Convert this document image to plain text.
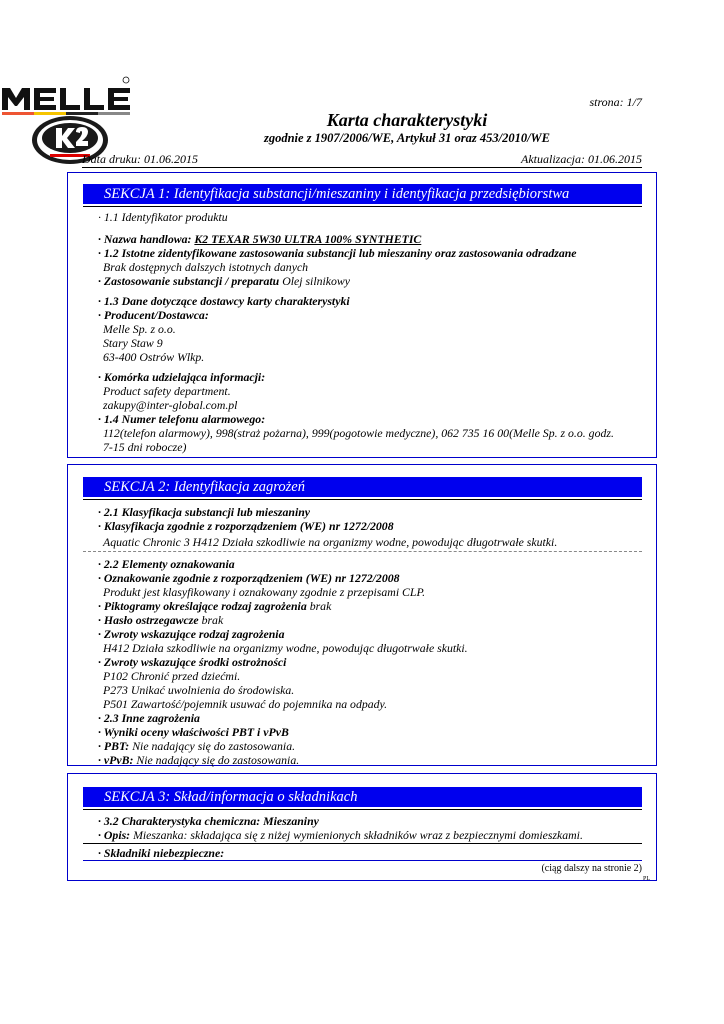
strona: 1/7
Karta charakterystyki
zgodnie z 1907/2006/WE, Artykuł 31 oraz 453/2010/WE
Data druku: 01.06.2015	Aktualizacja: 01.06.2015
SEKCJA 1: Identyfikacja substancji/mieszaniny i identyfikacja przedsiębiorstwa
· 1.1 Identyfikator produktu
· Nazwa handlowa: K2 TEXAR 5W30 ULTRA 100% SYNTHETIC
· 1.2 Istotne zidentyfikowane zastosowania substancji lub mieszaniny oraz zastosowania odradzane
Brak dostępnych dalszych istotnych danych
· Zastosowanie substancji / preparatu Olej silnikowy
· 1.3 Dane dotyczące dostawcy karty charakterystyki
· Producent/Dostawca:
Melle Sp. z o.o.
Stary Staw 9
63-400 Ostrów Wlkp.
· Komórka udzielająca informacji:
Product safety department.
zakupy@inter-global.com.pl
· 1.4 Numer telefonu alarmowego:
112(telefon alarmowy), 998(straż pożarna), 999(pogotowie medyczne), 062 735 16 00(Melle Sp. z o.o. godz.
7-15 dni robocze)
SEKCJA 2: Identyfikacja zagrożeń
· 2.1 Klasyfikacja substancji lub mieszaniny
· Klasyfikacja zgodnie z rozporządzeniem (WE) nr 1272/2008
Aquatic Chronic 3 H412 Działa szkodliwie na organizmy wodne, powodując długotrwałe skutki.
· 2.2 Elementy oznakowania
· Oznakowanie zgodnie z rozporządzeniem (WE) nr 1272/2008
Produkt jest klasyfikowany i oznakowany zgodnie z przepisami CLP.
· Piktogramy określające rodzaj zagrożenia brak
· Hasło ostrzegawcze brak
· Zwroty wskazujące rodzaj zagrożenia
H412 Działa szkodliwie na organizmy wodne, powodując długotrwałe skutki.
· Zwroty wskazujące środki ostrożności
P102 Chronić przed dziećmi.
P273 Unikać uwolnienia do środowiska.
P501 Zawartość/pojemnik usuwać do pojemnika na odpady.
· 2.3 Inne zagrożenia
· Wyniki oceny właściwości PBT i vPvB
· PBT: Nie nadający się do zastosowania.
· vPvB: Nie nadający się do zastosowania.
SEKCJA 3: Skład/informacja o składnikach
· 3.2 Charakterystyka chemiczna: Mieszaniny
· Opis: Mieszanka: składająca się z niżej wymienionych składników wraz z bezpiecznymi domieszkami.
· Składniki niebezpieczne:
(ciąg dalszy na stronie 2)
PL
